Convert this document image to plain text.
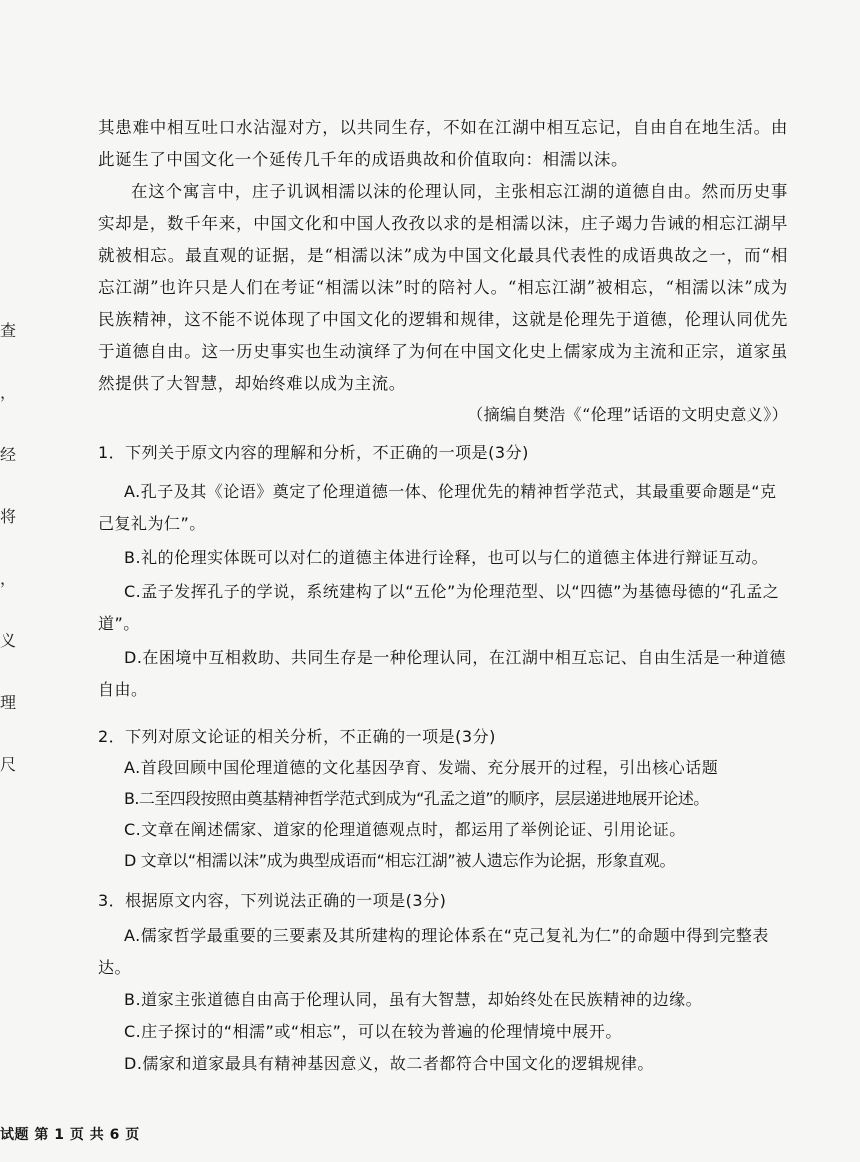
查
，
经
将
，
义
理
尺

其患难中相互吐口水沾湿对方，以共同生存，不如在江湖中相互忘记，自由自在地生活。由此诞生了中国文化一个延传几千年的成语典故和价值取向：相濡以沫。

在这个寓言中，庄子讥讽相濡以沫的伦理认同，主张相忘江湖的道德自由。然而历史事实却是，数千年来，中国文化和中国人孜孜以求的是相濡以沫，庄子竭力告诫的相忘江湖早就被相忘。最直观的证据，是“相濡以沫”成为中国文化最具代表性的成语典故之一，而“相忘江湖”也许只是人们在考证“相濡以沫”时的陪衬人。“相忘江湖”被相忘，“相濡以沫”成为民族精神，这不能不说体现了中国文化的逻辑和规律，这就是伦理先于道德，伦理认同优先于道德自由。这一历史事实也生动演绎了为何在中国文化史上儒家成为主流和正宗，道家虽然提供了大智慧，却始终难以成为主流。

（摘编自樊浩《“伦理”话语的文明史意义》）

1．下列关于原文内容的理解和分析，不正确的一项是(3分)

A.孔子及其《论语》奠定了伦理道德一体、伦理优先的精神哲学范式，其最重要命题是“克己复礼为仁”。

B.礼的伦理实体既可以对仁的道德主体进行诠释，也可以与仁的道德主体进行辩证互动。

C.孟子发挥孔子的学说，系统建构了以“五伦”为伦理范型、以“四德”为基德母德的“孔孟之道”。

D.在困境中互相救助、共同生存是一种伦理认同，在江湖中相互忘记、自由生活是一种道德自由。

2．下列对原文论证的相关分析，不正确的一项是(3分)

A.首段回顾中国伦理道德的文化基因孕育、发端、充分展开的过程，引出核心话题

B.二至四段按照由奠基精神哲学范式到成为“孔孟之道”的顺序，层层递进地展开论述。

C.文章在阐述儒家、道家的伦理道德观点时，都运用了举例论证、引用论证。

D 文章以“相濡以沫”成为典型成语而“相忘江湖”被人遗忘作为论据，形象直观。

3．根据原文内容，下列说法正确的一项是(3分)

A.儒家哲学最重要的三要素及其所建构的理论体系在“克己复礼为仁”的命题中得到完整表达。

B.道家主张道德自由高于伦理认同，虽有大智慧，却始终处在民族精神的边缘。

C.庄子探讨的“相濡”或“相忘”，可以在较为普遍的伦理情境中展开。

D.儒家和道家最具有精神基因意义，故二者都符合中国文化的逻辑规律。

试题 第 1 页 共 6 页
